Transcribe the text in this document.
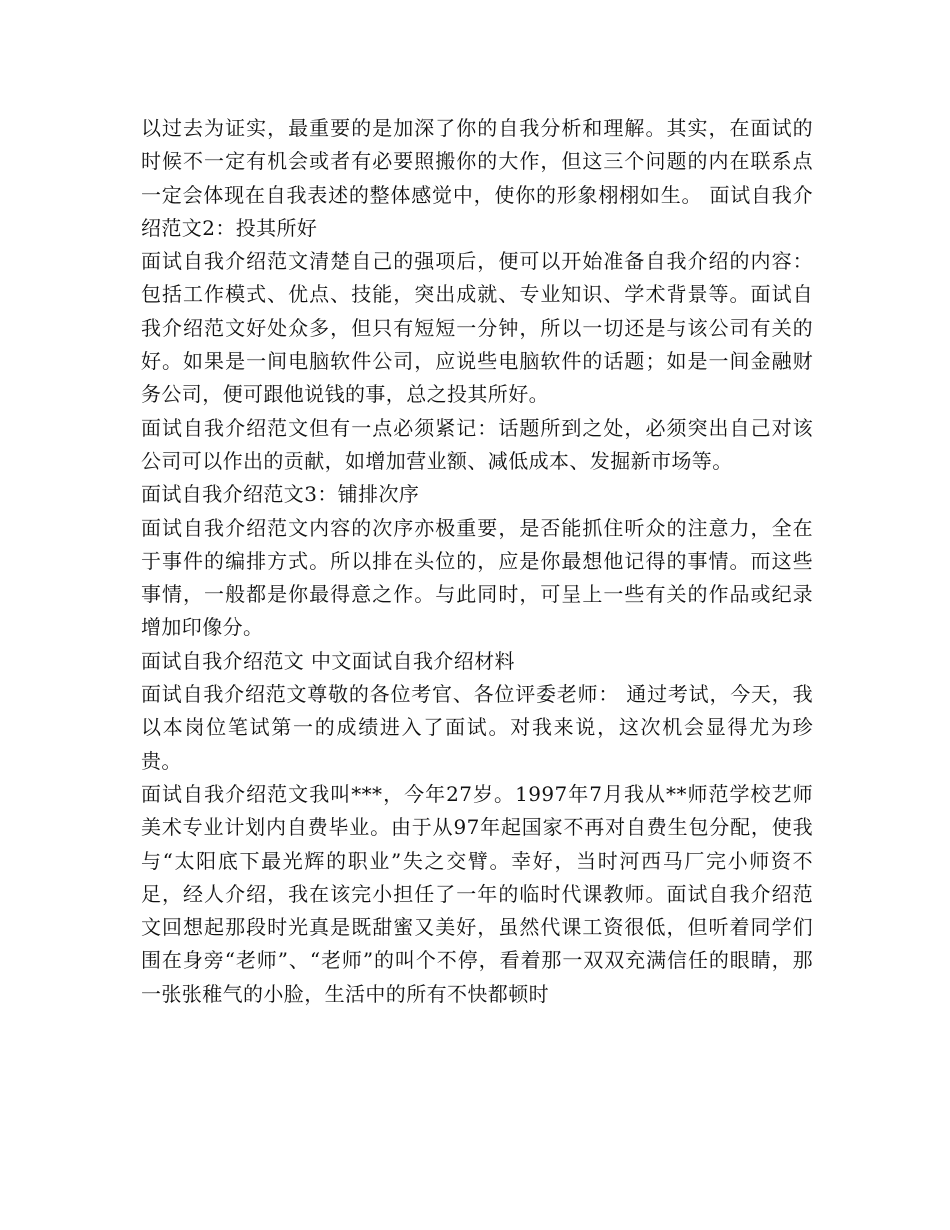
以过去为证实，最重要的是加深了你的自我分析和理解。其实，在面试的时候不一定有机会或者有必要照搬你的大作，但这三个问题的内在联系点一定会体现在自我表述的整体感觉中，使你的形象栩栩如生。 面试自我介绍范文2：投其所好

面试自我介绍范文清楚自己的强项后，便可以开始准备自我介绍的内容：包括工作模式、优点、技能，突出成就、专业知识、学术背景等。面试自我介绍范文好处众多，但只有短短一分钟，所以一切还是与该公司有关的好。如果是一间电脑软件公司，应说些电脑软件的话题；如是一间金融财务公司，便可跟他说钱的事，总之投其所好。

面试自我介绍范文但有一点必须紧记：话题所到之处，必须突出自己对该公司可以作出的贡献，如增加营业额、减低成本、发掘新市场等。

面试自我介绍范文3：铺排次序

面试自我介绍范文内容的次序亦极重要，是否能抓住听众的注意力，全在于事件的编排方式。所以排在头位的，应是你最想他记得的事情。而这些事情，一般都是你最得意之作。与此同时，可呈上一些有关的作品或纪录增加印像分。

面试自我介绍范文 中文面试自我介绍材料

面试自我介绍范文尊敬的各位考官、各位评委老师： 通过考试，今天，我以本岗位笔试第一的成绩进入了面试。对我来说，这次机会显得尤为珍贵。

面试自我介绍范文我叫***，今年27岁。1997年7月我从**师范学校艺师美术专业计划内自费毕业。由于从97年起国家不再对自费生包分配，使我与“太阳底下最光辉的职业”失之交臂。幸好，当时河西马厂完小师资不足，经人介绍，我在该完小担任了一年的临时代课教师。面试自我介绍范文回想起那段时光真是既甜蜜又美好，虽然代课工资很低，但听着同学们围在身旁“老师”、“老师”的叫个不停，看着那一双双充满信任的眼睛，那一张张稚气的小脸，生活中的所有不快都顿时
